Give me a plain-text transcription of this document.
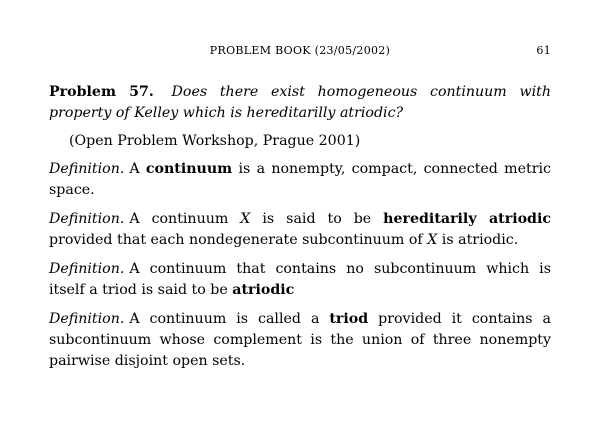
PROBLEM BOOK (23/05/2002)	61

Problem 57. Does there exist homogeneous continuum with property of Kelley which is hereditarilly atriodic?

(Open Problem Workshop, Prague 2001)

Definition. A continuum is a nonempty, compact, connected metric space.

Definition. A continuum X is said to be hereditarily atriodic provided that each nondegenerate subcontinuum of X is atriodic.

Definition. A continuum that contains no subcontinuum which is itself a triod is said to be atriodic

Definition. A continuum is called a triod provided it contains a subcontinuum whose complement is the union of three nonempty pairwise disjoint open sets.
